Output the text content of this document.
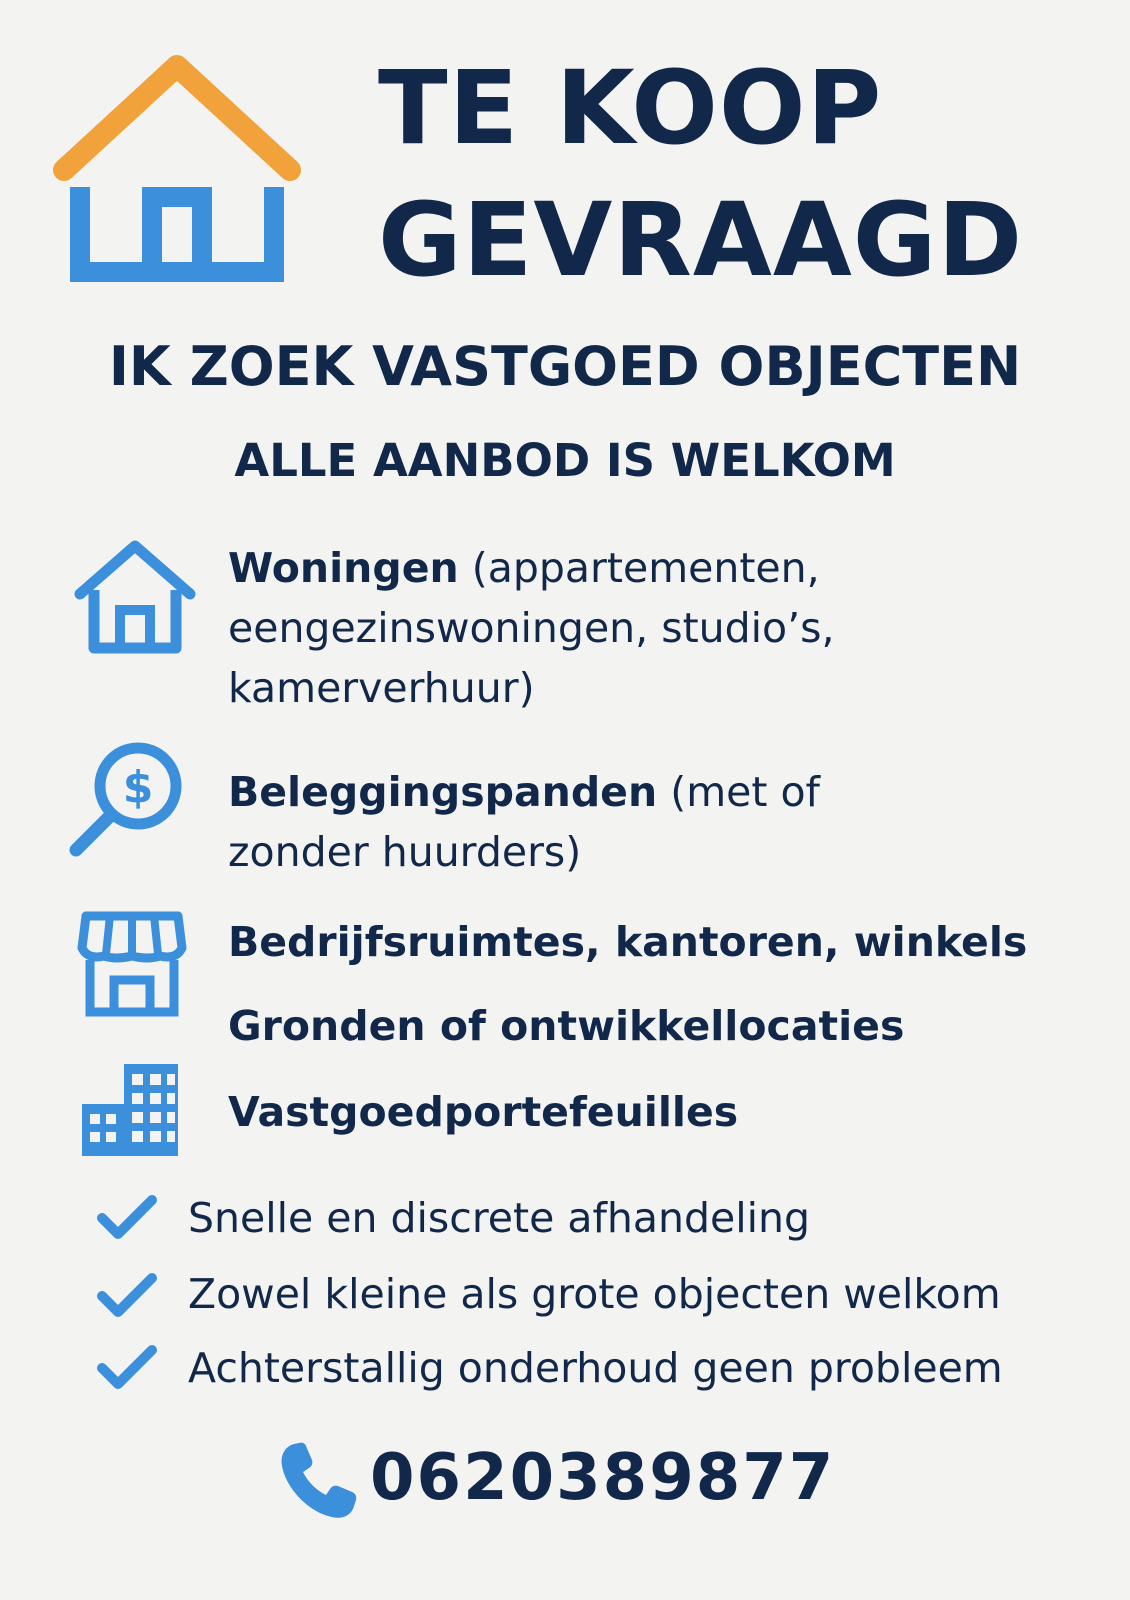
TE KOOP
GEVRAAGD
IK ZOEK VASTGOED OBJECTEN
ALLE AANBOD IS WELKOM
Woningen (appartementen,
eengezinswoningen, studio’s,
kamerverhuur)
$ Beleggingspanden (met of
zonder huurders)
Bedrijfsruimtes, kantoren, winkels
Gronden of ontwikkellocaties
Vastgoedportefeuilles
Snelle en discrete afhandeling
Zowel kleine als grote objecten welkom
Achterstallig onderhoud geen probleem
0620389877
